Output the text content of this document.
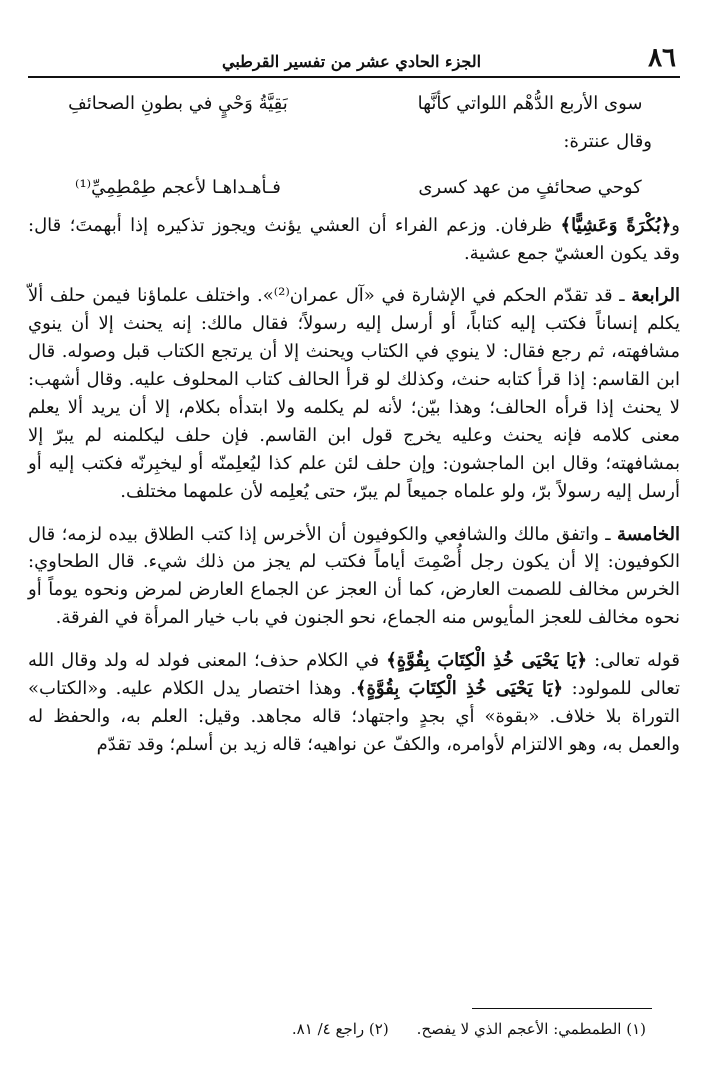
٨٦
الجزء الحادي عشر من تفسير القرطبي
سوى الأربع الدُّهْم اللواتي كأنَّها
بَقِيَّةُ وَحْيٍ في بطونِ الصحائفِ
وقال عنترة:
كوحي صحائفٍ من عهد كسرى
فـأهـداهـا لأعجم طِمْطِمِيِّ⁽¹⁾

و﴿بُكْرَةً وَعَشِيًّا﴾ ظرفان. وزعم الفراء أن العشي يؤنث ويجوز تذكيره إذا أبهمتَ؛ قال: وقد يكون العشيّ جمع عشية.

الرابعة ـ قد تقدّم الحكم في الإشارة في «آل عمران⁽²⁾». واختلف علماؤنا فيمن حلف ألاّ يكلم إنساناً فكتب إليه كتاباً، أو أرسل إليه رسولاً؛ فقال مالك: إنه يحنث إلا أن ينوي مشافهته، ثم رجع فقال: لا ينوي في الكتاب ويحنث إلا أن يرتجع الكتاب قبل وصوله. قال ابن القاسم: إذا قرأ كتابه حنث، وكذلك لو قرأ الحالف كتاب المحلوف عليه. وقال أشهب: لا يحنث إذا قرأه الحالف؛ وهذا بيّن؛ لأنه لم يكلمه ولا ابتدأه بكلام، إلا أن يريد ألا يعلم معنى كلامه فإنه يحنث وعليه يخرج قول ابن القاسم. فإن حلف ليكلمنه لم يبرّ إلا بمشافهته؛ وقال ابن الماجشون: وإن حلف لئن علم كذا ليُعلِمنّه أو ليخبِرنّه فكتب إليه أو أرسل إليه رسولاً برّ، ولو علماه جميعاً لم يبرّ، حتى يُعلِمه لأن علمهما مختلف.

الخامسة ـ واتفق مالك والشافعي والكوفيون أن الأخرس إذا كتب الطلاق بيده لزمه؛ قال الكوفيون: إلا أن يكون رجل أُصْمِتَ أياماً فكتب لم يجز من ذلك شيء. قال الطحاوي: الخرس مخالف للصمت العارض، كما أن العجز عن الجماع العارض لمرض ونحوه يوماً أو نحوه مخالف للعجز المأيوس منه الجماع، نحو الجنون في باب خيار المرأة في الفرقة.

قوله تعالى: ﴿يَا يَحْيَى خُذِ الْكِتَابَ بِقُوَّةٍ﴾ في الكلام حذف؛ المعنى فولد له ولد وقال الله تعالى للمولود: ﴿يَا يَحْيَى خُذِ الْكِتَابَ بِقُوَّةٍ﴾. وهذا اختصار يدل الكلام عليه. و«الكتاب» التوراة بلا خلاف. «بقوة» أي بجدٍ واجتهاد؛ قاله مجاهد. وقيل: العلم به، والحفظ له والعمل به، وهو الالتزام لأوامره، والكفّ عن نواهيه؛ قاله زيد بن أسلم؛ وقد تقدّم

(١) الطمطمي: الأعجم الذي لا يفصح.
(٢) راجع ٤/ ٨١.
